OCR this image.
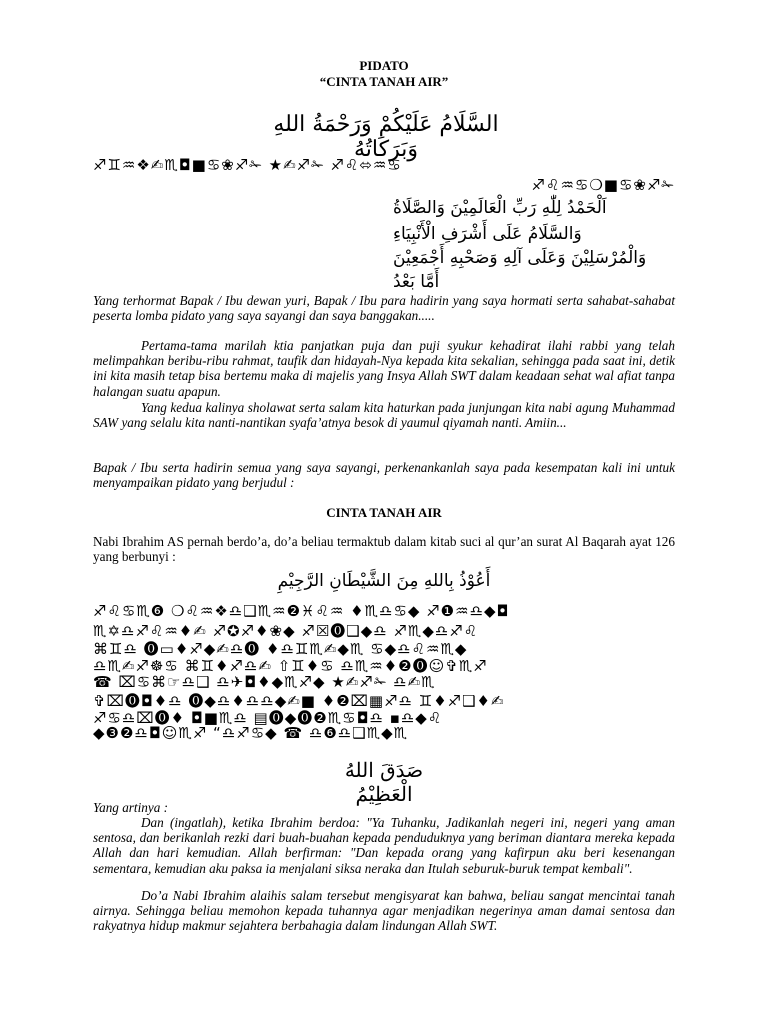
PIDATO
“CINTA TANAH AIR”
السَّلَامُ عَلَيْكُمْ وَرَحْمَةُ اللهِ وَبَرَكَاتُهُ
♐♊♒❖✍♏◘■♋❀♐✁ ★✍♐✁ ♐♌⬄♒♋
♐♌♒♋❍■♋❀♐✁
اَلْحَمْدُ لِلّٰهِ رَبِّ الْعَالَمِيْنَ وَالصَّلَاةُ
وَالسَّلَامُ عَلَى أَشْرَفِ الْأَنْبِيَاءِ
وَالْمُرْسَلِيْنَ وَعَلَى آلِهِ وَصَحْبِهِ أَجْمَعِيْنَ
أَمَّا بَعْدُ
Yang terhormat Bapak / Ibu dewan yuri, Bapak / Ibu para hadirin yang saya hormati serta sahabat-sahabat peserta lomba pidato yang saya sayangi dan saya banggakan.....
Pertama-tama marilah ktia panjatkan puja dan puji syukur kehadirat ilahi rabbi yang telah melimpahkan beribu-ribu rahmat, taufik dan hidayah-Nya kepada kita sekalian, sehingga pada saat ini, detik ini kita masih tetap bisa bertemu maka di majelis yang Insya Allah SWT dalam keadaan sehat wal afiat tanpa halangan suatu apapun.
Yang kedua kalinya sholawat serta salam kita haturkan pada junjungan kita nabi agung Muhammad SAW yang selalu kita nanti-nantikan syafa’atnya besok di yaumul qiyamah nanti. Amiin...
Bapak / Ibu serta hadirin semua yang saya sayangi, perkenankanlah saya pada kesempatan kali ini untuk menyampaikan pidato yang berjudul :
CINTA TANAH AIR
Nabi Ibrahim AS pernah berdo’a, do’a beliau termaktub dalam kitab suci al qur’an surat Al Baqarah ayat 126 yang berbunyi :
أَعُوْذُ بِاللهِ مِنَ الشَّيْطَانِ الرَّجِيْمِ
♐♌♋♏❻ ❍♌♒❖♎❑♏♒❷♓♌♒ ♦♏♎♋◆ ♐❶♒♎◆◘
♏✡♎♐♌♒♦✍ ♐✪♐♦❀◆ ♐☒⓿❑◆♎ ♐♏◆♎♐♌
⌘♊♎ ⓿▭♦♐◆✍♎⓿ ♦♎♊♏✍◆♏ ♋◆♎♌♒♏◆
♎♏✍♐☸♋ ⌘♊♦♐♎✍ ⇧♊♦♋ ♎♏♒♦❷⓿☺✞♏♐
☎ ⌧♋⌘☞♎❑ ♎✈◘♦◆♏♐◆ ★✍♐✁ ♎✍♏
✞⌧⓿◘♦♎ ⓿◆♎♦♎♎◆✍■ ♦❷⌧▦♐♎ ♊♦♐❑♦✍
♐♋♎⌧⓿♦ ◘■♏♎ ▤⓿◆⓿❷♏♋◘♎ ▪♎◆♌
◆❸❷♎◘☺♏♐ “♎♐♋◆ ☎ ♎❻♎❑♏◆♏
صَدَقَ اللهُ الْعَظِيْمُ
Yang artinya :
Dan (ingatlah), ketika Ibrahim berdoa: "Ya Tuhanku, Jadikanlah negeri ini, negeri yang aman sentosa, dan berikanlah rezki dari buah-buahan kepada penduduknya yang beriman diantara mereka kepada Allah dan hari kemudian. Allah berfirman: "Dan kepada orang yang kafirpun aku beri kesenangan sementara, kemudian aku paksa ia menjalani siksa neraka dan Itulah seburuk-buruk tempat kembali".
Do’a Nabi Ibrahim alaihis salam tersebut mengisyarat kan bahwa, beliau sangat mencintai tanah airnya. Sehingga beliau memohon kepada tuhannya agar menjadikan negerinya aman damai sentosa dan rakyatnya hidup makmur sejahtera berbahagia dalam lindungan Allah SWT.
